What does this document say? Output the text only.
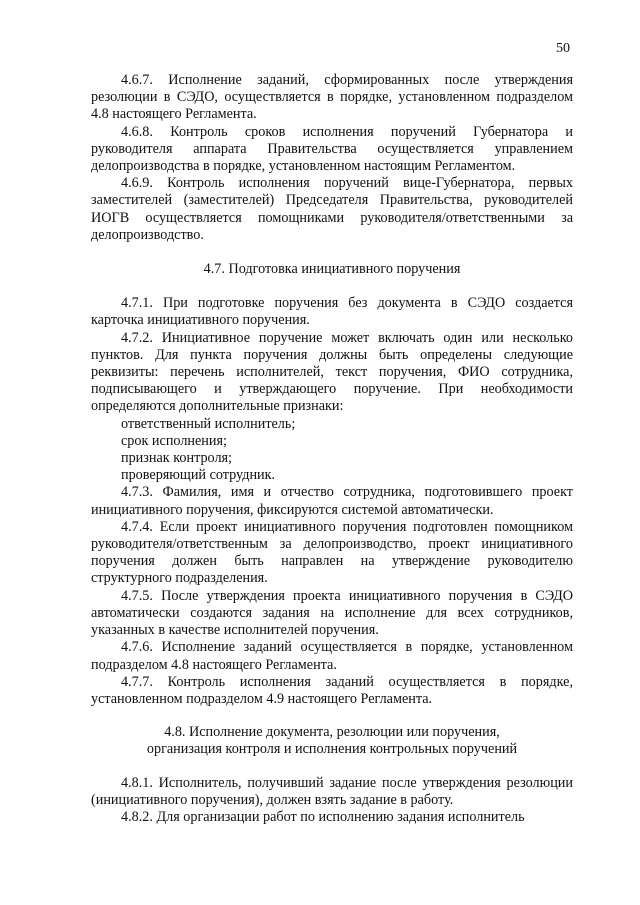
50

4.6.7. Исполнение заданий, сформированных после утверждения резолюции в СЭДО, осуществляется в порядке, установленном подразделом 4.8 настоящего Регламента.

4.6.8. Контроль сроков исполнения поручений Губернатора и руководителя аппарата Правительства осуществляется управлением делопроизводства в порядке, установленном настоящим Регламентом.

4.6.9. Контроль исполнения поручений вице-Губернатора, первых заместителей (заместителей) Председателя Правительства, руководителей ИОГВ осуществляется помощниками руководителя/ответственными за делопроизводство.

4.7. Подготовка инициативного поручения

4.7.1. При подготовке поручения без документа в СЭДО создается карточка инициативного поручения.

4.7.2. Инициативное поручение может включать один или несколько пунктов. Для пункта поручения должны быть определены следующие реквизиты: перечень исполнителей, текст поручения, ФИО сотрудника, подписывающего и утверждающего поручение. При необходимости определяются дополнительные признаки:

ответственный исполнитель;

срок исполнения;

признак контроля;

проверяющий сотрудник.

4.7.3. Фамилия, имя и отчество сотрудника, подготовившего проект инициативного поручения, фиксируются системой автоматически.

4.7.4. Если проект инициативного поручения подготовлен помощником руководителя/ответственным за делопроизводство, проект инициативного поручения должен быть направлен на утверждение руководителю структурного подразделения.

4.7.5. После утверждения проекта инициативного поручения в СЭДО автоматически создаются задания на исполнение для всех сотрудников, указанных в качестве исполнителей поручения.

4.7.6. Исполнение заданий осуществляется в порядке, установленном подразделом 4.8 настоящего Регламента.

4.7.7. Контроль исполнения заданий осуществляется в порядке, установленном подразделом 4.9 настоящего Регламента.

4.8. Исполнение документа, резолюции или поручения,

организация контроля и исполнения контрольных поручений

4.8.1. Исполнитель, получивший задание после утверждения резолюции (инициативного поручения), должен взять задание в работу.

4.8.2. Для организации работ по исполнению задания исполнитель
